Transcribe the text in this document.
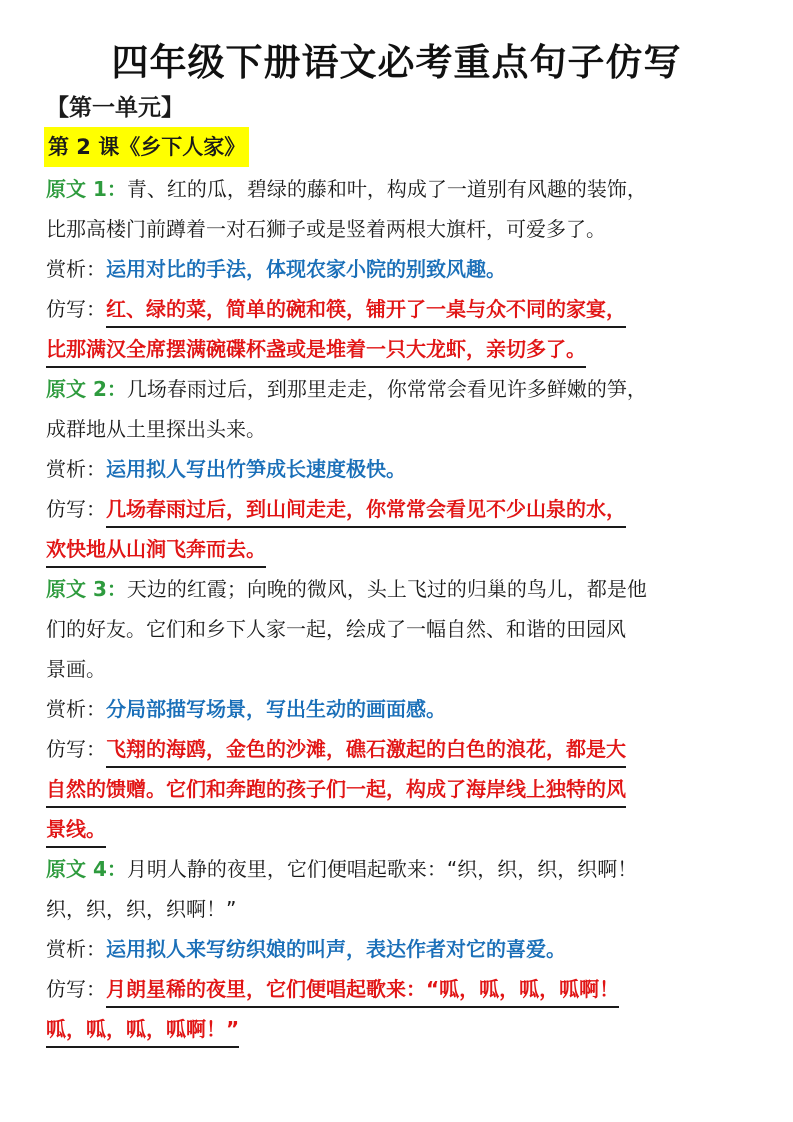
四年级下册语文必考重点句子仿写
【第一单元】
第 2 课《乡下人家》
原文 1：青、红的瓜，碧绿的藤和叶，构成了一道别有风趣的装饰，
比那高楼门前蹲着一对石狮子或是竖着两根大旗杆，可爱多了。
赏析：运用对比的手法，体现农家小院的别致风趣。
仿写：红、绿的菜，简单的碗和筷，铺开了一桌与众不同的家宴，
比那满汉全席摆满碗碟杯盏或是堆着一只大龙虾，亲切多了。
原文 2：几场春雨过后，到那里走走，你常常会看见许多鲜嫩的笋，
成群地从土里探出头来。
赏析：运用拟人写出竹笋成长速度极快。
仿写：几场春雨过后，到山间走走，你常常会看见不少山泉的水，
欢快地从山涧飞奔而去。
原文 3：天边的红霞；向晚的微风，头上飞过的归巢的鸟儿，都是他
们的好友。它们和乡下人家一起，绘成了一幅自然、和谐的田园风
景画。
赏析：分局部描写场景，写出生动的画面感。
仿写：飞翔的海鸥，金色的沙滩，礁石激起的白色的浪花，都是大
自然的馈赠。它们和奔跑的孩子们一起，构成了海岸线上独特的风
景线。
原文 4：月明人静的夜里，它们便唱起歌来：“织，织，织，织啊！
织，织，织，织啊！”
赏析：运用拟人来写纺织娘的叫声，表达作者对它的喜爱。
仿写：月朗星稀的夜里，它们便唱起歌来：“呱，呱，呱，呱啊！
呱，呱，呱，呱啊！”
